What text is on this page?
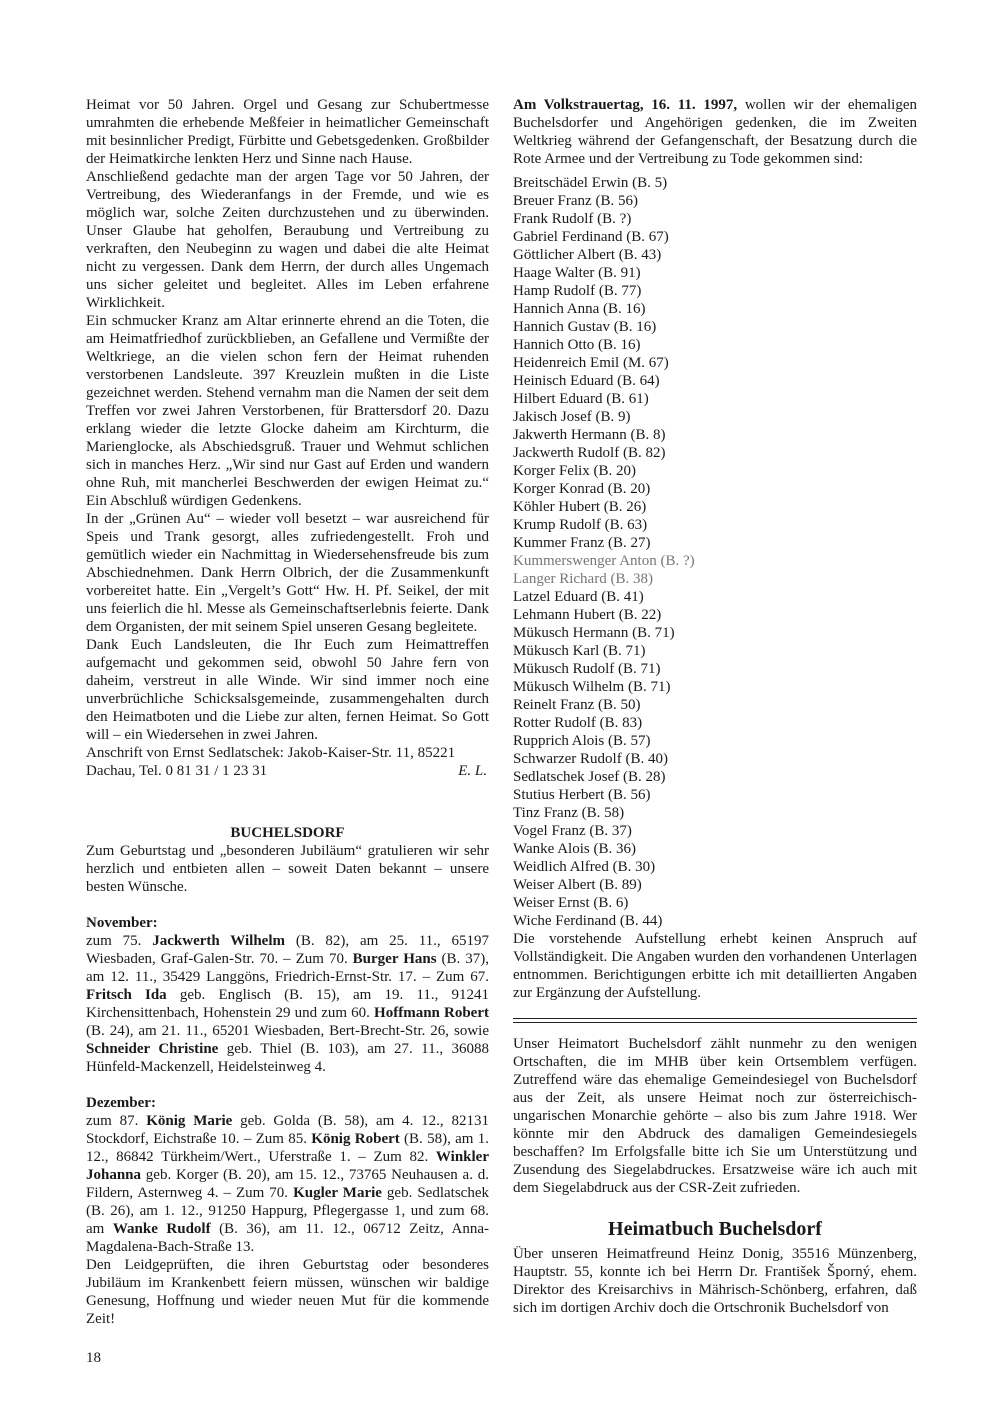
Heimat vor 50 Jahren. Orgel und Gesang zur Schubertmesse umrahmten die erhebende Meßfeier in heimatlicher Gemeinschaft mit besinnlicher Predigt, Fürbitte und Gebetsgedenken. Großbilder der Heimatkirche lenkten Herz und Sinne nach Hause.

Anschließend gedachte man der argen Tage vor 50 Jahren, der Vertreibung, des Wiederanfangs in der Fremde, und wie es möglich war, solche Zeiten durchzustehen und zu überwinden. Unser Glaube hat geholfen, Beraubung und Vertreibung zu verkraften, den Neubeginn zu wagen und dabei die alte Heimat nicht zu vergessen. Dank dem Herrn, der durch alles Ungemach uns sicher geleitet und begleitet. Alles im Leben erfahrene Wirklichkeit.

Ein schmucker Kranz am Altar erinnerte ehrend an die Toten, die am Heimatfriedhof zurückblieben, an Gefallene und Vermißte der Weltkriege, an die vielen schon fern der Heimat ruhenden verstorbenen Landsleute. 397 Kreuzlein mußten in die Liste gezeichnet werden. Stehend vernahm man die Namen der seit dem Treffen vor zwei Jahren Verstorbenen, für Brattersdorf 20. Dazu erklang wieder die letzte Glocke daheim am Kirchturm, die Marienglocke, als Abschiedsgruß. Trauer und Wehmut schlichen sich in manches Herz. „Wir sind nur Gast auf Erden und wandern ohne Ruh, mit mancherlei Beschwerden der ewigen Heimat zu.“ Ein Abschluß würdigen Gedenkens.

In der „Grünen Au“ – wieder voll besetzt – war ausreichend für Speis und Trank gesorgt, alles zufriedengestellt. Froh und gemütlich wieder ein Nachmittag in Wiedersehensfreude bis zum Abschiednehmen. Dank Herrn Olbrich, der die Zusammenkunft vorbereitet hatte. Ein „Vergelt’s Gott“ Hw. H. Pf. Seikel, der mit uns feierlich die hl. Messe als Gemeinschaftserlebnis feierte. Dank dem Organisten, der mit seinem Spiel unseren Gesang begleitete.

Dank Euch Landsleuten, die Ihr Euch zum Heimattreffen aufgemacht und gekommen seid, obwohl 50 Jahre fern von daheim, verstreut in alle Winde. Wir sind immer noch eine unverbrüchliche Schicksalsgemeinde, zusammengehalten durch den Heimatboten und die Liebe zur alten, fernen Heimat. So Gott will – ein Wiedersehen in zwei Jahren.

Anschrift von Ernst Sedlatschek: Jakob-Kaiser-Str. 11, 85221

Dachau, Tel. 0 81 31 / 1 23 31	E. L.
BUCHELSDORF

Zum Geburtstag und „besonderen Jubiläum“ gratulieren wir sehr herzlich und entbieten allen – soweit Daten bekannt – unsere besten Wünsche.

November:

zum 75. Jackwerth Wilhelm (B. 82), am 25. 11., 65197 Wiesbaden, Graf-Galen-Str. 70. – Zum 70. Burger Hans (B. 37), am 12. 11., 35429 Langgöns, Friedrich-Ernst-Str. 17. – Zum 67. Fritsch Ida geb. Englisch (B. 15), am 19. 11., 91241 Kirchensittenbach, Hohenstein 29 und zum 60. Hoffmann Robert (B. 24), am 21. 11., 65201 Wiesbaden, Bert-Brecht-Str. 26, sowie Schneider Christine geb. Thiel (B. 103), am 27. 11., 36088 Hünfeld-Mackenzell, Heidelsteinweg 4.

Dezember:

zum 87. König Marie geb. Golda (B. 58), am 4. 12., 82131 Stockdorf, Eichstraße 10. – Zum 85. König Robert (B. 58), am 1. 12., 86842 Türkheim/Wert., Uferstraße 1. – Zum 82. Winkler Johanna geb. Korger (B. 20), am 15. 12., 73765 Neuhausen a. d. Fildern, Asternweg 4. – Zum 70. Kugler Marie geb. Sedlatschek (B. 26), am 1. 12., 91250 Happurg, Pflegergasse 1, und zum 68. am Wanke Rudolf (B. 36), am 11. 12., 06712 Zeitz, Anna-Magdalena-Bach-Straße 13.

Den Leidgeprüften, die ihren Geburtstag oder besonderes Jubiläum im Krankenbett feiern müssen, wünschen wir baldige Genesung, Hoffnung und wieder neuen Mut für die kommende Zeit!

Am Volkstrauertag, 16. 11. 1997, wollen wir der ehemaligen Buchelsdorfer und Angehörigen gedenken, die im Zweiten Weltkrieg während der Gefangenschaft, der Besatzung durch die Rote Armee und der Vertreibung zu Tode gekommen sind:

Breitschädel Erwin (B. 5)
Breuer Franz (B. 56)
Frank Rudolf (B. ?)
Gabriel Ferdinand (B. 67)
Göttlicher Albert (B. 43)
Haage Walter (B. 91)
Hamp Rudolf (B. 77)
Hannich Anna (B. 16)
Hannich Gustav (B. 16)
Hannich Otto (B. 16)
Heidenreich Emil (M. 67)
Heinisch Eduard (B. 64)
Hilbert Eduard (B. 61)
Jakisch Josef (B. 9)
Jakwerth Hermann (B. 8)
Jackwerth Rudolf (B. 82)
Korger Felix (B. 20)
Korger Konrad (B. 20)
Köhler Hubert (B. 26)
Krump Rudolf (B. 63)
Kummer Franz (B. 27)
Kummerswenger Anton (B. ?)
Langer Richard (B. 38)
Latzel Eduard (B. 41)
Lehmann Hubert (B. 22)
Mükusch Hermann (B. 71)
Mükusch Karl (B. 71)
Mükusch Rudolf (B. 71)
Mükusch Wilhelm (B. 71)
Reinelt Franz (B. 50)
Rotter Rudolf (B. 83)
Rupprich Alois (B. 57)
Schwarzer Rudolf (B. 40)
Sedlatschek Josef (B. 28)
Stutius Herbert (B. 56)
Tinz Franz (B. 58)
Vogel Franz (B. 37)
Wanke Alois (B. 36)
Weidlich Alfred (B. 30)
Weiser Albert (B. 89)
Weiser Ernst (B. 6)
Wiche Ferdinand (B. 44)

Die vorstehende Aufstellung erhebt keinen Anspruch auf Vollständigkeit. Die Angaben wurden den vorhandenen Unterlagen entnommen. Berichtigungen erbitte ich mit detaillierten Angaben zur Ergänzung der Aufstellung.

Unser Heimatort Buchelsdorf zählt nunmehr zu den wenigen Ortschaften, die im MHB über kein Ortsemblem verfügen. Zutreffend wäre das ehemalige Gemeindesiegel von Buchelsdorf aus der Zeit, als unsere Heimat noch zur österreichisch-ungarischen Monarchie gehörte – also bis zum Jahre 1918. Wer könnte mir den Abdruck des damaligen Gemeindesiegels beschaffen? Im Erfolgsfalle bitte ich Sie um Unterstützung und Zusendung des Siegelabdruckes. Ersatzweise wäre ich auch mit dem Siegelabdruck aus der CSR-Zeit zufrieden.

Heimatbuch Buchelsdorf

Über unseren Heimatfreund Heinz Donig, 35516 Münzenberg, Hauptstr. 55, konnte ich bei Herrn Dr. František Šporný, ehem. Direktor des Kreisarchivs in Mährisch-Schönberg, erfahren, daß sich im dortigen Archiv doch die Ortschronik Buchelsdorf von

18
